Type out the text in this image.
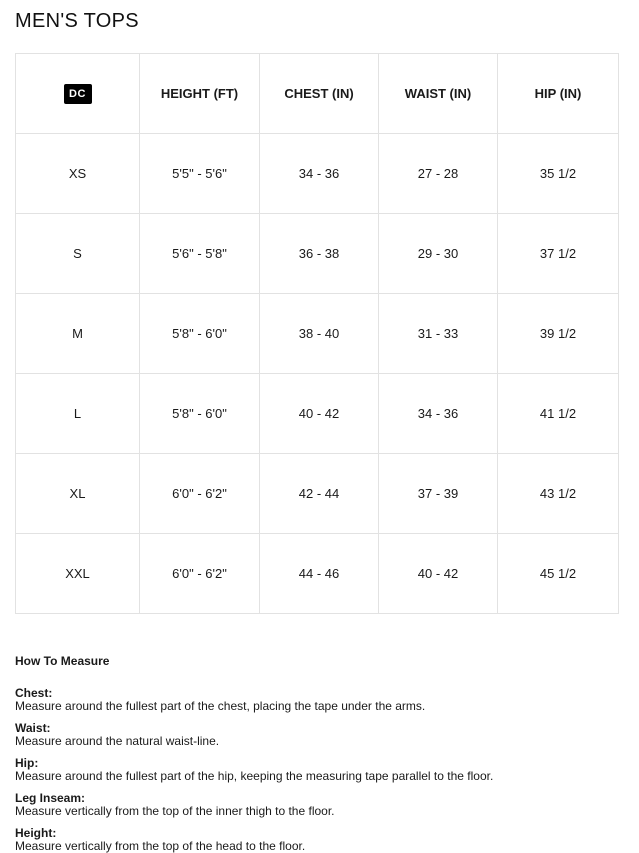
MEN'S TOPS
DC	HEIGHT (FT)	CHEST (IN)	WAIST (IN)	HIP (IN)
XS	5'5" - 5'6"	34 - 36	27 - 28	35 1/2
S	5'6" - 5'8"	36 - 38	29 - 30	37 1/2
M	5'8" - 6'0"	38 - 40	31 - 33	39 1/2
L	5'8" - 6'0"	40 - 42	34 - 36	41 1/2
XL	6'0" - 6'2"	42 - 44	37 - 39	43 1/2
XXL	6'0" - 6'2"	44 - 46	40 - 42	45 1/2

How To Measure

Chest:
Measure around the fullest part of the chest, placing the tape under the arms.
Waist:
Measure around the natural waist-line.
Hip:
Measure around the fullest part of the hip, keeping the measuring tape parallel to the floor.
Leg Inseam:
Measure vertically from the top of the inner thigh to the floor.
Height:
Measure vertically from the top of the head to the floor.
